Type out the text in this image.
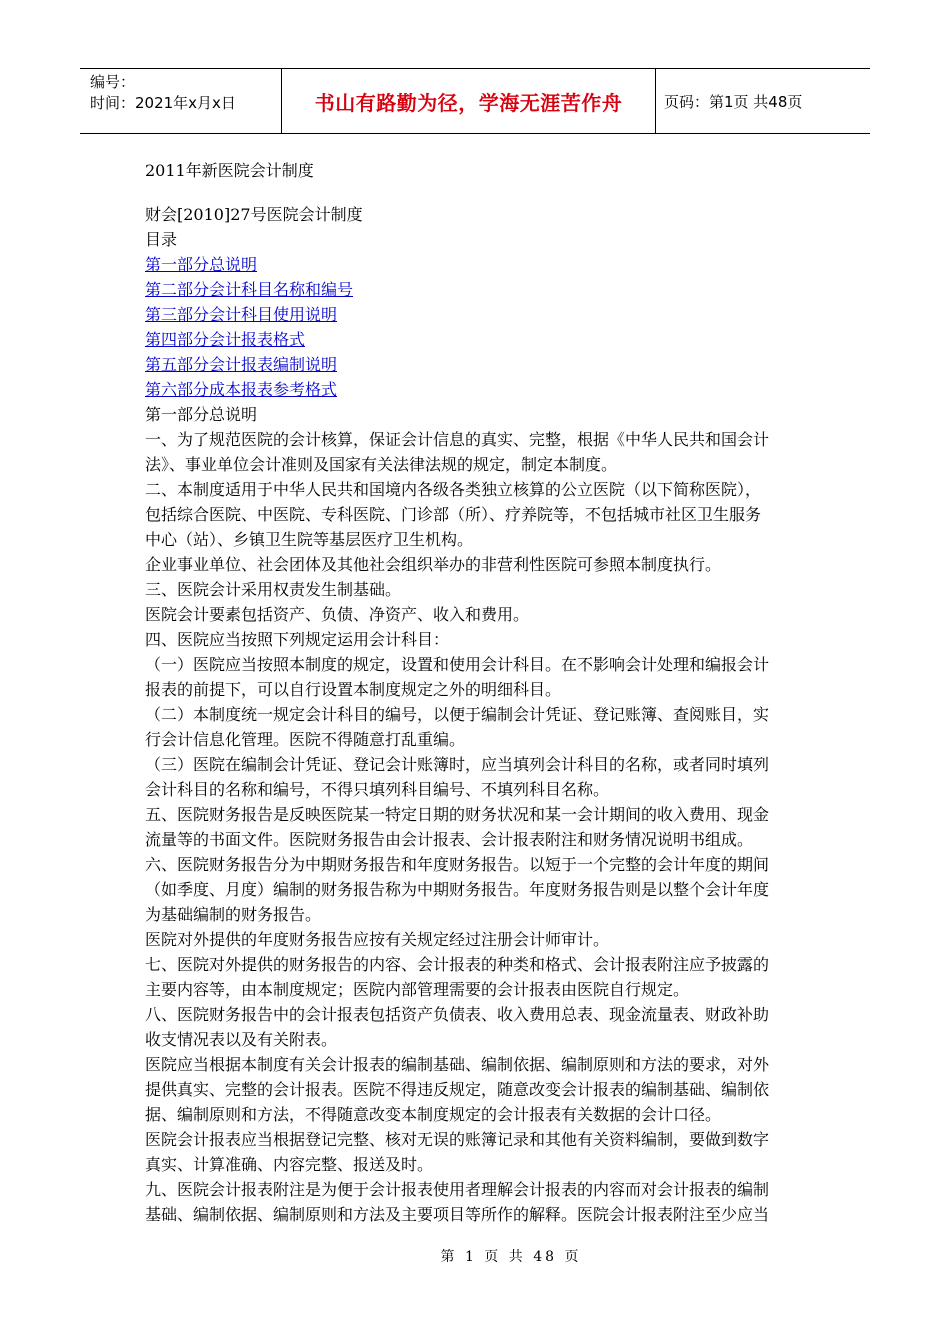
编号：
时间：2021年x月x日	书山有路勤为径，学海无涯苦作舟	页码：第1页 共48页

2011年新医院会计制度

财会[2010]27号医院会计制度

目录

第一部分总说明

第二部分会计科目名称和编号

第三部分会计科目使用说明

第四部分会计报表格式

第五部分会计报表编制说明

第六部分成本报表参考格式

第一部分总说明

一、为了规范医院的会计核算，保证会计信息的真实、完整，根据《中华人民共和国会计

法》、事业单位会计准则及国家有关法律法规的规定，制定本制度。

二、本制度适用于中华人民共和国境内各级各类独立核算的公立医院（以下简称医院），

包括综合医院、中医院、专科医院、门诊部（所）、疗养院等，不包括城市社区卫生服务

中心（站）、乡镇卫生院等基层医疗卫生机构。

企业事业单位、社会团体及其他社会组织举办的非营利性医院可参照本制度执行。

三、医院会计采用权责发生制基础。

医院会计要素包括资产、负债、净资产、收入和费用。

四、医院应当按照下列规定运用会计科目：

（一）医院应当按照本制度的规定，设置和使用会计科目。在不影响会计处理和编报会计

报表的前提下，可以自行设置本制度规定之外的明细科目。

（二）本制度统一规定会计科目的编号，以便于编制会计凭证、登记账簿、查阅账目，实

行会计信息化管理。医院不得随意打乱重编。

（三）医院在编制会计凭证、登记会计账簿时，应当填列会计科目的名称，或者同时填列

会计科目的名称和编号，不得只填列科目编号、不填列科目名称。

五、医院财务报告是反映医院某一特定日期的财务状况和某一会计期间的收入费用、现金

流量等的书面文件。医院财务报告由会计报表、会计报表附注和财务情况说明书组成。

六、医院财务报告分为中期财务报告和年度财务报告。以短于一个完整的会计年度的期间

（如季度、月度）编制的财务报告称为中期财务报告。年度财务报告则是以整个会计年度

为基础编制的财务报告。

医院对外提供的年度财务报告应按有关规定经过注册会计师审计。

七、医院对外提供的财务报告的内容、会计报表的种类和格式、会计报表附注应予披露的

主要内容等，由本制度规定；医院内部管理需要的会计报表由医院自行规定。

八、医院财务报告中的会计报表包括资产负债表、收入费用总表、现金流量表、财政补助

收支情况表以及有关附表。

医院应当根据本制度有关会计报表的编制基础、编制依据、编制原则和方法的要求，对外

提供真实、完整的会计报表。医院不得违反规定，随意改变会计报表的编制基础、编制依

据、编制原则和方法，不得随意改变本制度规定的会计报表有关数据的会计口径。

医院会计报表应当根据登记完整、核对无误的账簿记录和其他有关资料编制，要做到数字

真实、计算准确、内容完整、报送及时。

九、医院会计报表附注是为便于会计报表使用者理解会计报表的内容而对会计报表的编制

基础、编制依据、编制原则和方法及主要项目等所作的解释。医院会计报表附注至少应当

第 1 页 共 48 页
